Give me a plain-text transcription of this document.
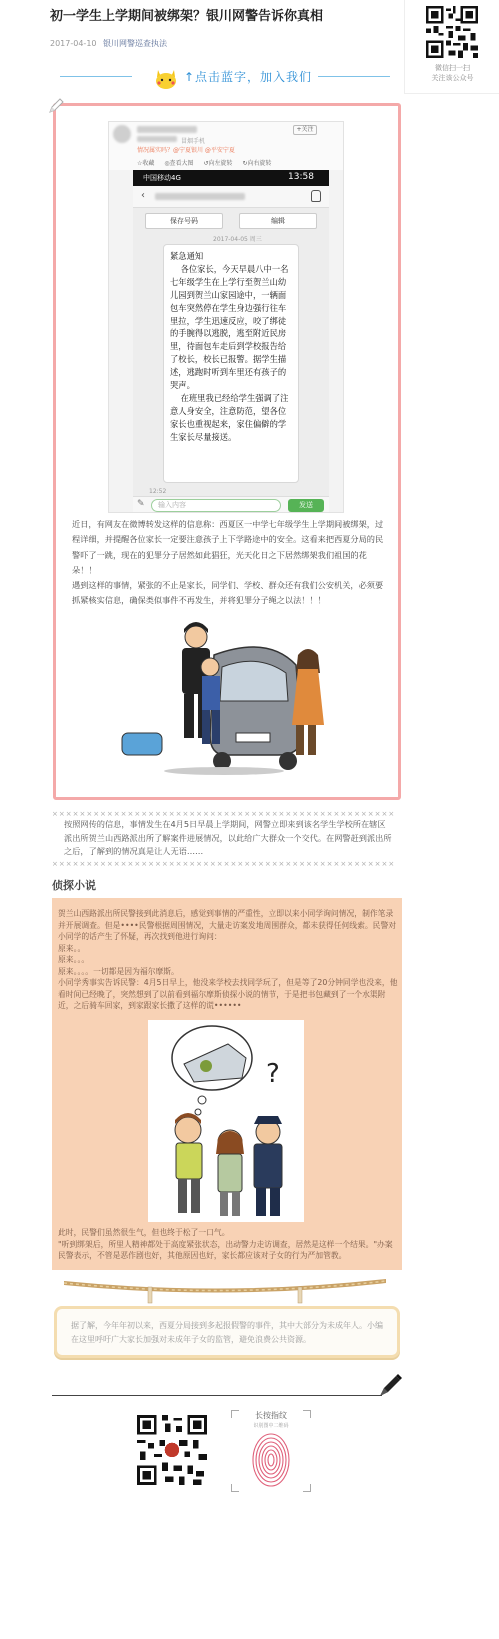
初一学生上学期间被绑架？银川网警告诉你真相
2017-04-10 银川网警巡查执法
微信扫一扫
关注该公众号
↑点击蓝字，加入我们
冒烟手机
情况属实吗？@宁夏银川 @平安宁夏
+关注
☆收藏 ◎查看大图 ↺向左旋转 ↻向右旋转
中国移动4G	13:58
‹
保存号码	编辑
2017-04-05 周三

紧急通知

各位家长，今天早晨八中一名七年级学生在上学行至贺兰山幼儿园到贺兰山家园途中，一辆面包车突然停在学生身边强行往车里拉，学生迅速反应，咬了绑徒的手腕得以逃脱，逃至附近民房里，待面包车走后到学校报告给了校长，校长已报警。据学生描述，逃跑时听到车里还有孩子的哭声。

在班里我已经给学生强调了注意人身安全，注意防范，望各位家长也重视起来，家住偏僻的学生家长尽量接送。

12:52
✎	输入内容	发送

近日，有网友在微博转发这样的信息称：西夏区一中学七年级学生上学期间被绑架，过程详细，并提醒各位家长一定要注意孩子上下学路途中的安全。这看来把西夏分局的民警吓了一跳，现在的犯罪分子居然如此猖狂，光天化日之下居然绑架我们祖国的花朵！！

遇到这样的事情，紧张的不止是家长，同学们、学校、群众还有我们公安机关，必须要抓紧核实信息，确保类似事件不再发生，并将犯罪分子绳之以法！！！

××××××××××××××××××××××××××××××××××××××××××××××××××
按照网传的信息，事情发生在4月5日早晨上学期间，网警立即来到该名学生学校所在辖区派出所贺兰山西路派出所了解案件进展情况，以此给广大群众一个交代。在网警赶到派出所之后，了解到的情况真是让人无语……
××××××××××××××××××××××××××××××××××××××××××××××××××
侦探小说

贺兰山西路派出所民警接到此消息后，感觉到事情的严重性，立即以来小同学询问情况，制作笔录并开展调查。但是••••民警根据周围情况，大量走访案发地周围群众，都未获得任何线索。民警对小同学的话产生了怀疑，再次找到他进行询问：

原来。。

原来。。。

原来。。。。一切都是因为福尔摩斯。

小同学秀事实告诉民警：4月5日早上，他没来学校去找同学玩了，但是等了20分钟同学也没来，他看时间已经晚了，突然想到了以前看到福尔摩斯侦探小说的情节，于是把书包藏到了一个水渠附近，之后骑车回家，到家跟家长撒了这样的谎••••••

?

此时，民警们虽然很生气，但也终于松了一口气。

"听到绑架后，所里人精神都处于高度紧张状态，出动警力走访调查，居然是这样一个结果。"办案民警表示，不管是恶作剧也好，其他原因也好，家长都应该对子女的行为严加管教。

据了解，今年年初以来，西夏分局接到多起报假警的事件，其中大部分为未成年人。小编在这里呼吁广大家长加强对未成年子女的监管，避免浪费公共资源。
长按指纹
识别图中二维码
